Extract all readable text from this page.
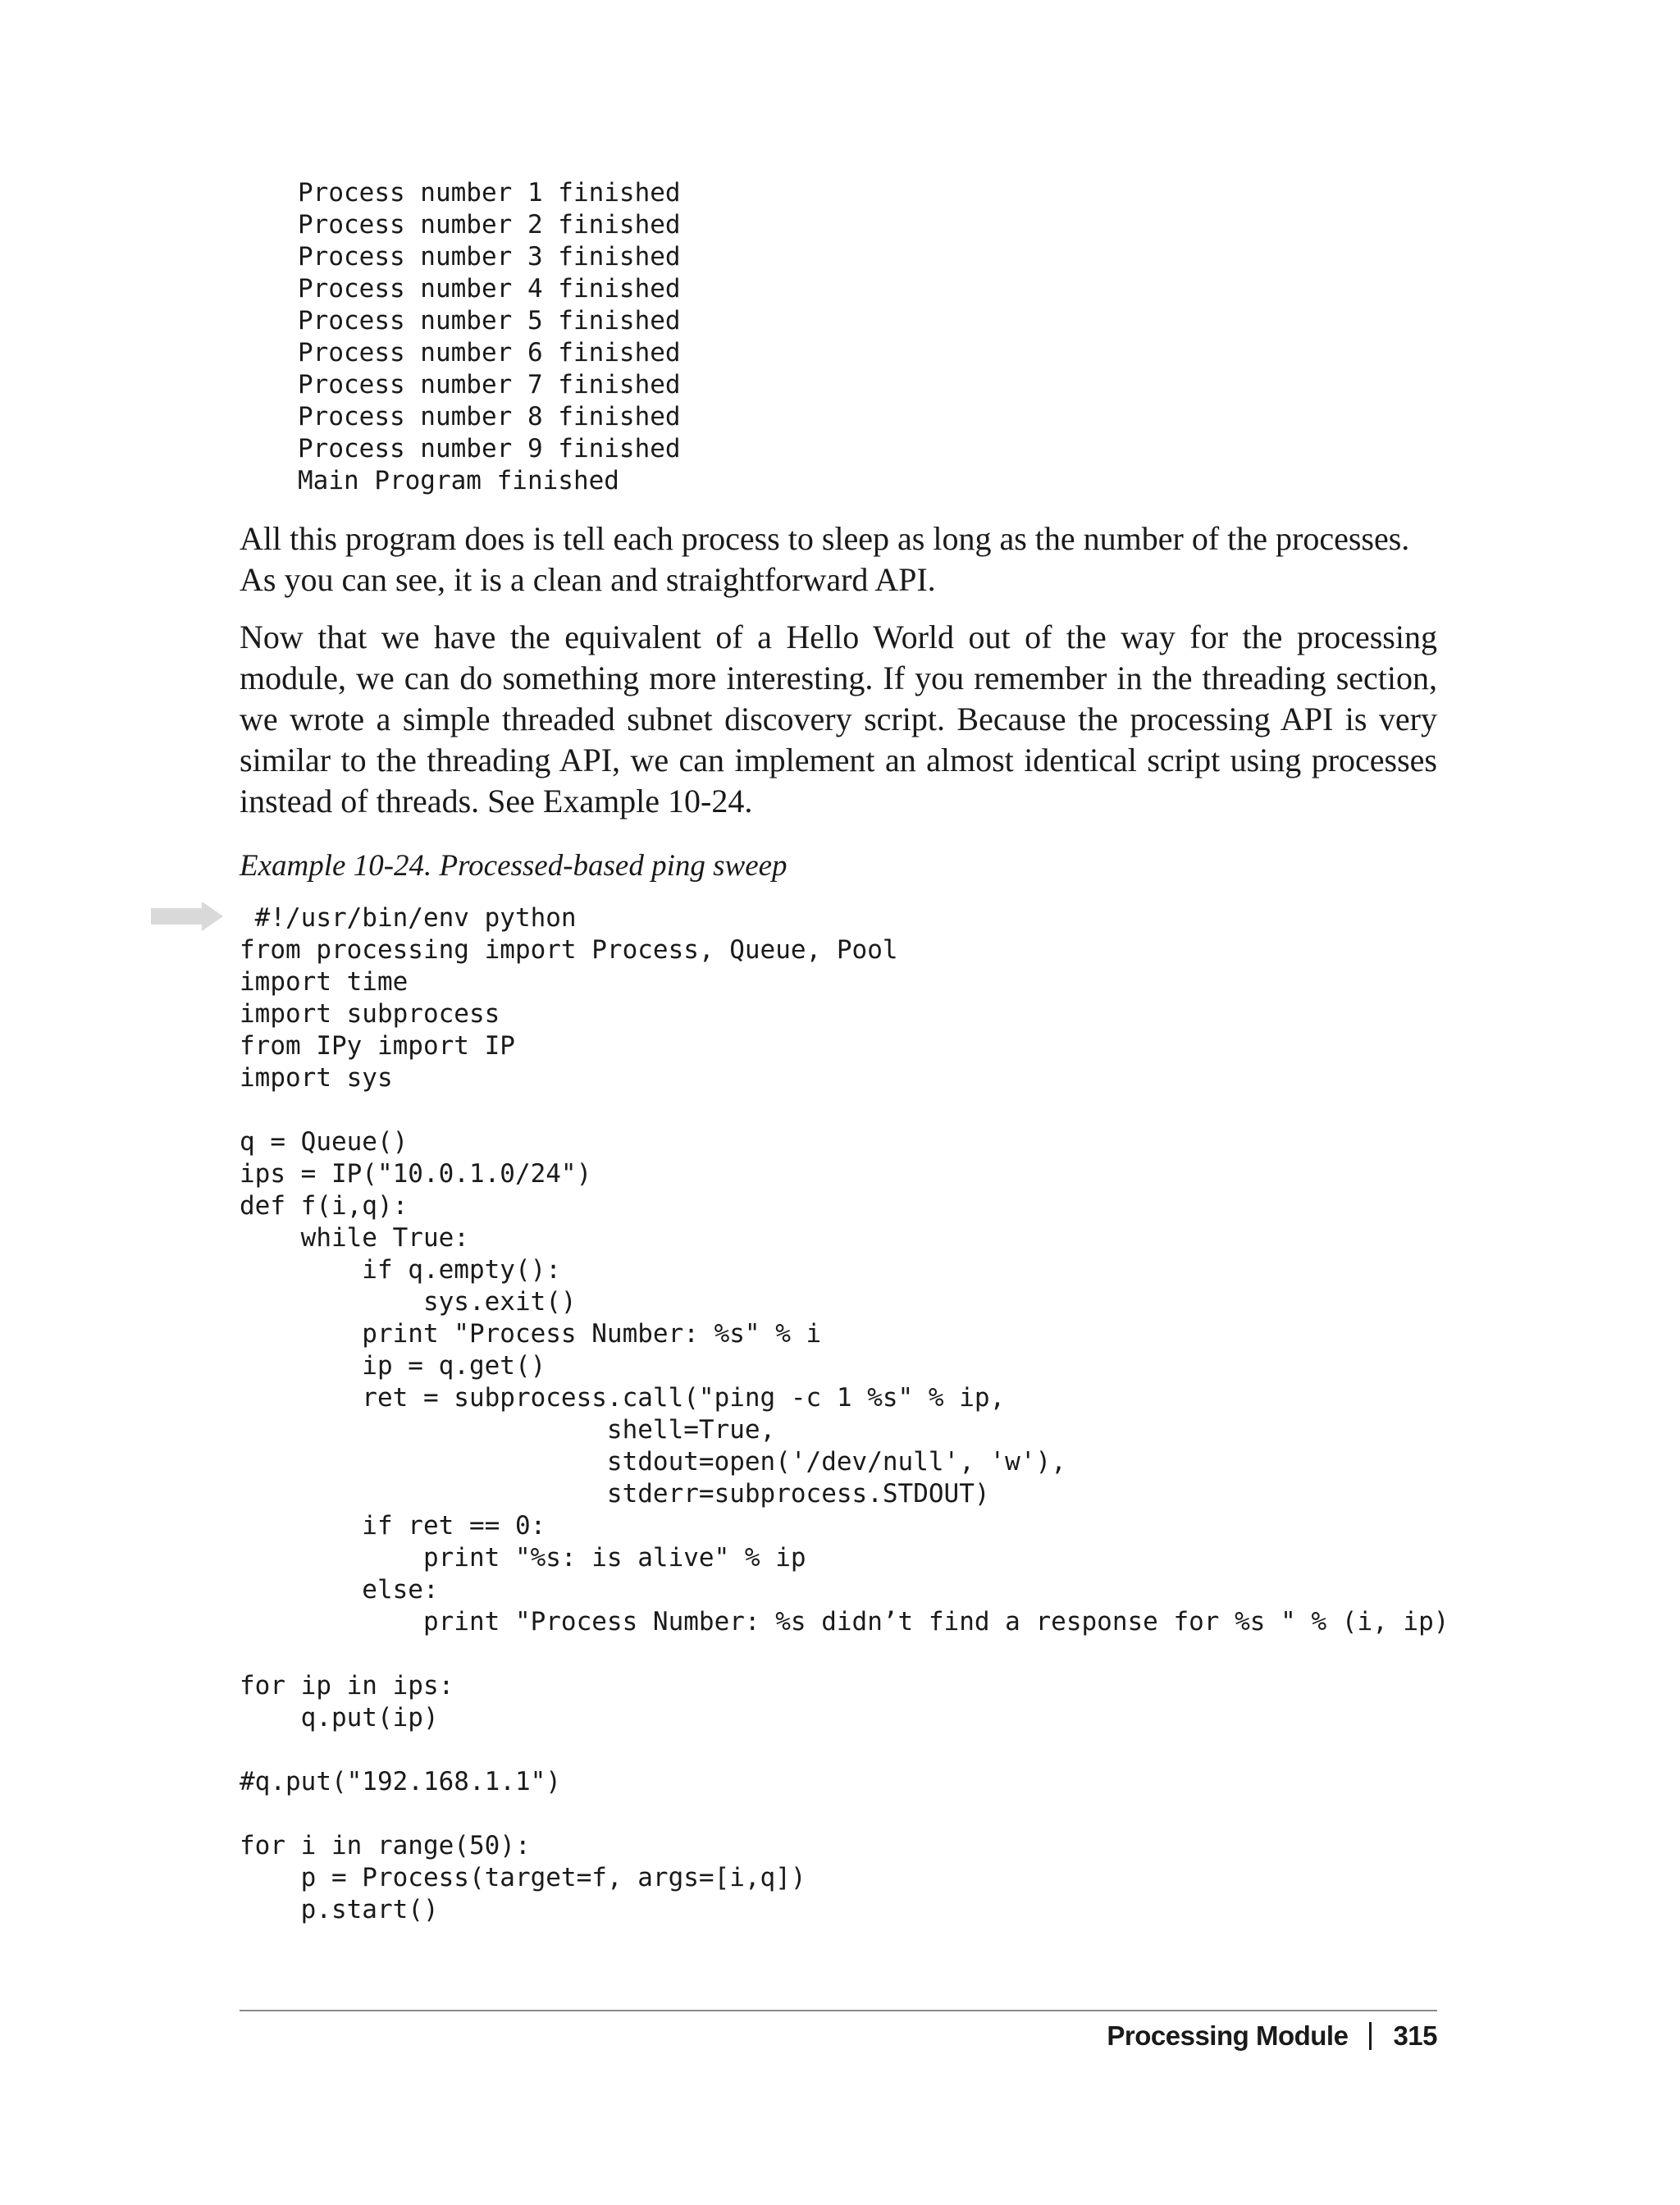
Process number 1 finished
Process number 2 finished
Process number 3 finished
Process number 4 finished
Process number 5 finished
Process number 6 finished
Process number 7 finished
Process number 8 finished
Process number 9 finished
Main Program finished

All this program does is tell each process to sleep as long as the number of the processes. As you can see, it is a clean and straightforward API.

Now that we have the equivalent of a Hello World out of the way for the processing module, we can do something more interesting. If you remember in the threading section, we wrote a simple threaded subnet discovery script. Because the processing API is very similar to the threading API, we can implement an almost identical script using processes instead of threads. See Example 10-24.

Example 10-24. Processed-based ping sweep
#!/usr/bin/env python
from processing import Process, Queue, Pool
import time
import subprocess
from IPy import IP
import sys
q = Queue()
ips = IP("10.0.1.0/24")
def f(i,q):
while True:
if q.empty():
sys.exit()
print "Process Number: %s" % i
ip = q.get()
ret = subprocess.call("ping -c 1 %s" % ip,
shell=True,
stdout=open('/dev/null', 'w'),
stderr=subprocess.STDOUT)
if ret == 0:
print "%s: is alive" % ip
else:
print "Process Number: %s didn’t find a response for %s " % (i, ip)
for ip in ips:
q.put(ip)
#q.put("192.168.1.1")
for i in range(50):
p = Process(target=f, args=[i,q])
p.start()
Processing Module 315
